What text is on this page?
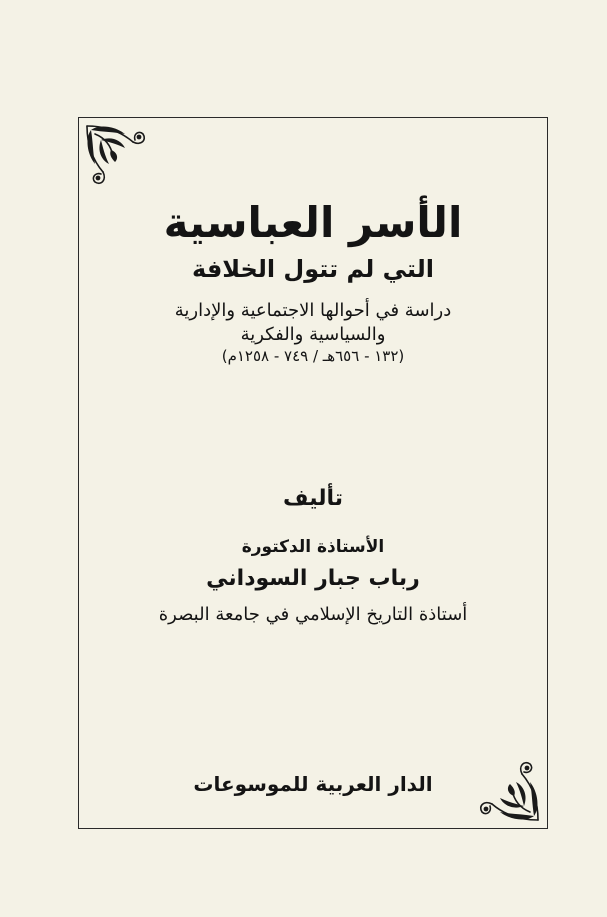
الأسر العباسية
التي لم تتول الخلافة
دراسة في أحوالها الاجتماعية والإدارية
والسياسية والفكرية
(١٣٢ - ٦٥٦هـ / ٧٤٩ - ١٢٥٨م)
تأليف
الأستاذة الدكتورة
رباب جبار السوداني
أستاذة التاريخ الإسلامي في جامعة البصرة
الدار العربية للموسوعات
